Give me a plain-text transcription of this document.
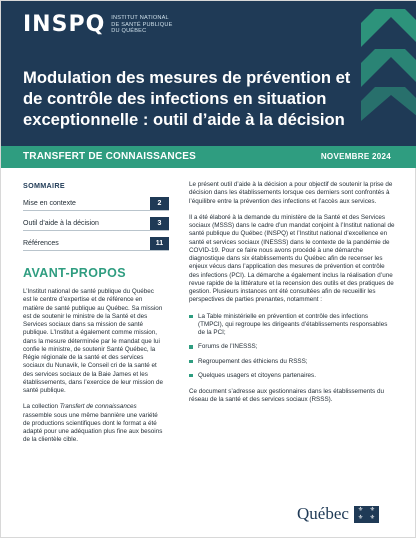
INSPQ INSTITUT NATIONAL
DE SANTÉ PUBLIQUE
DU QUÉBEC
Modulation des mesures de prévention et de contrôle des infections en situation exceptionnelle : outil d’aide à la décision
TRANSFERT DE CONNAISSANCES	NOVEMBRE 2024
SOMMAIRE
Mise en contexte	2
Outil d’aide à la décision	3
Références	11
AVANT-PROPOS

L’Institut national de santé publique du Québec est le centre d’expertise et de référence en matière de santé publique au Québec. Sa mission est de soutenir le ministre de la Santé et des Services sociaux dans sa mission de santé publique. L’Institut a également comme mission, dans la mesure déterminée par le mandat que lui confie le ministre, de soutenir Santé Québec, la Régie régionale de la santé et des services sociaux du Nunavik, le Conseil cri de la santé et des services sociaux de la Baie James et les établissements, dans l’exercice de leur mission de santé publique.

La collection Transfert de connaissances rassemble sous une même bannière une variété de productions scientifiques dont le format a été adapté pour une adéquation plus fine aux besoins de la clientèle cible.

Le présent outil d’aide à la décision a pour objectif de soutenir la prise de décision dans les établissements lorsque ces derniers sont confrontés à l’équilibre entre la prévention des infections et l’accès aux services.

Il a été élaboré à la demande du ministère de la Santé et des Services sociaux (MSSS) dans le cadre d’un mandat conjoint à l’Institut national de santé publique du Québec (INSPQ) et l’Institut national d’excellence en santé et services sociaux (INESSS) dans le contexte de la pandémie de COVID-19. Pour ce faire nous avons procédé à une démarche diagnostique dans six établissements du Québec afin de recenser les enjeux vécus dans l’application des mesures de prévention et contrôle des infections (PCI). La démarche a également inclus la réalisation d’une revue rapide de la littérature et la recension des outils et des pratiques de gestion. Plusieurs instances ont été consultées afin de recueillir les perspectives de parties prenantes, notamment :

La Table ministérielle en prévention et contrôle des infections (TMPCI), qui regroupe les dirigeants d’établissements responsables de la PCI;
Forums de l’INESSS;
Regroupement des éthiciens du RSSS;
Quelques usagers et citoyens partenaires.

Ce document s’adresse aux gestionnaires dans les établissements du réseau de la santé et des services sociaux (RSSS).

Québec	⚜	⚜
⚜	⚜
